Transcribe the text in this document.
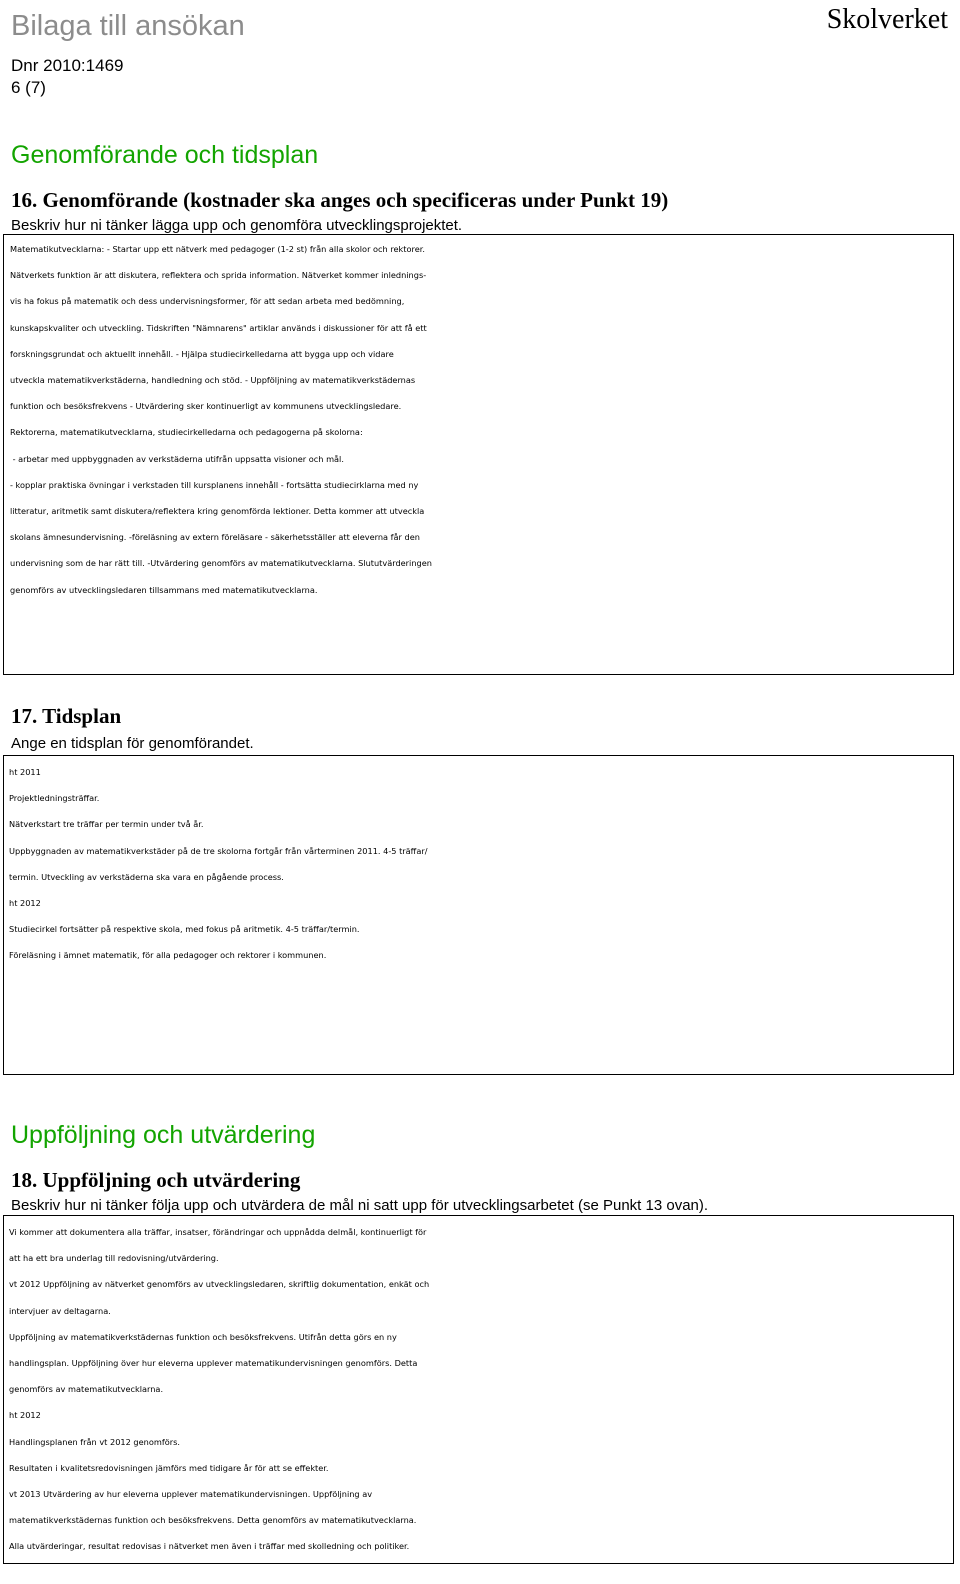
Bilaga till ansökan	Skolverket
Dnr 2010:1469
6 (7)
Genomförande och tidsplan
16. Genomförande (kostnader ska anges och specificeras under Punkt 19)
Beskriv hur ni tänker lägga upp och genomföra utvecklingsprojektet.
Matematikutvecklarna: - Startar upp ett nätverk med pedagoger (1-2 st) från alla skolor och rektorer.
Nätverkets funktion är att diskutera, reflektera och sprida information. Nätverket kommer inlednings-
vis ha fokus på matematik och dess undervisningsformer, för att sedan arbeta med bedömning,
kunskapskvaliter och utveckling. Tidskriften "Nämnarens" artiklar används i diskussioner för att få ett
forskningsgrundat och aktuellt innehåll. - Hjälpa studiecirkelledarna att bygga upp och vidare
utveckla matematikverkstäderna, handledning och stöd. - Uppföljning av matematikverkstädernas
funktion och besöksfrekvens - Utvärdering sker kontinuerligt av kommunens utvecklingsledare.
Rektorerna, matematikutvecklarna, studiecirkelledarna och pedagogerna på skolorna:
- arbetar med uppbyggnaden av verkstäderna utifrån uppsatta visioner och mål.
- kopplar praktiska övningar i verkstaden till kursplanens innehåll - fortsätta studiecirklarna med ny
litteratur, aritmetik samt diskutera/reflektera kring genomförda lektioner. Detta kommer att utveckla
skolans ämnesundervisning. -föreläsning av extern föreläsare - säkerhetsställer att eleverna får den
undervisning som de har rätt till. -Utvärdering genomförs av matematikutvecklarna. Slututvärderingen
genomförs av utvecklingsledaren tillsammans med matematikutvecklarna.
17. Tidsplan
Ange en tidsplan för genomförandet.
ht 2011
Projektledningsträffar.
Nätverkstart tre träffar per termin under två år.
Uppbyggnaden av matematikverkstäder på de tre skolorna fortgår från vårterminen 2011. 4-5 träffar/
termin. Utveckling av verkstäderna ska vara en pågående process.
ht 2012
Studiecirkel fortsätter på respektive skola, med fokus på aritmetik. 4-5 träffar/termin.
Föreläsning i ämnet matematik, för alla pedagoger och rektorer i kommunen.
Uppföljning och utvärdering
18. Uppföljning och utvärdering
Beskriv hur ni tänker följa upp och utvärdera de mål ni satt upp för utvecklingsarbetet (se Punkt 13 ovan).
Vi kommer att dokumentera alla träffar, insatser, förändringar och uppnådda delmål, kontinuerligt för
att ha ett bra underlag till redovisning/utvärdering.
vt 2012 Uppföljning av nätverket genomförs av utvecklingsledaren, skriftlig dokumentation, enkät och
intervjuer av deltagarna.
Uppföljning av matematikverkstädernas funktion och besöksfrekvens. Utifrån detta görs en ny
handlingsplan. Uppföljning över hur eleverna upplever matematikundervisningen genomförs. Detta
genomförs av matematikutvecklarna.
ht 2012
Handlingsplanen från vt 2012 genomförs.
Resultaten i kvalitetsredovisningen jämförs med tidigare år för att se effekter.
vt 2013 Utvärdering av hur eleverna upplever matematikundervisningen. Uppföljning av
matematikverkstädernas funktion och besöksfrekvens. Detta genomförs av matematikutvecklarna.
Alla utvärderingar, resultat redovisas i nätverket men även i träffar med skolledning och politiker.
